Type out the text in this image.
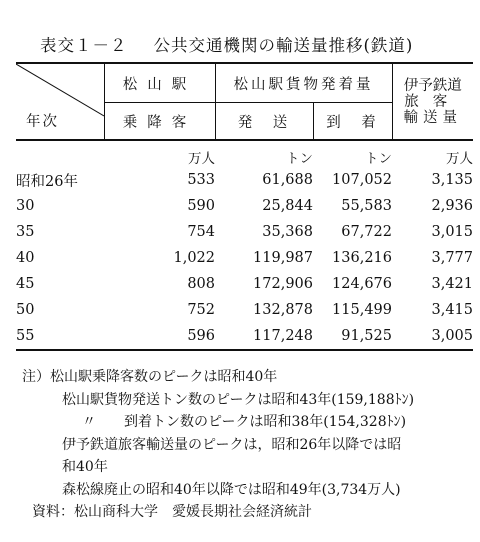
表交１－２ 公共交通機関の輸送量推移(鉄道)
年次	松山駅	松山駅貨物発着量		伊予鉄道
旅客
輸送量

	乗降客	発　送	到　着	
	万人	トン	トン	万人
昭和26年	533	61,688	107,052	3,135
30	590	25,844	55,583	2,936
35	754	35,368	67,722	3,015
40	1,022	119,987	136,216	3,777
45	808	172,906	124,676	3,421
50	752	132,878	115,499	3,415
55	596	117,248	91,525	3,005
注）松山駅乗降客数のピークは昭和40年
松山駅貨物発送トン数のピークは昭和43年(159,188ﾄﾝ)
〃　　到着トン数のピークは昭和38年(154,328ﾄﾝ)
伊予鉄道旅客輸送量のピークは，昭和26年以降では昭
和40年
森松線廃止の昭和40年以降では昭和49年(3,734万人)
資料：松山商科大学　愛媛長期社会経済統計
